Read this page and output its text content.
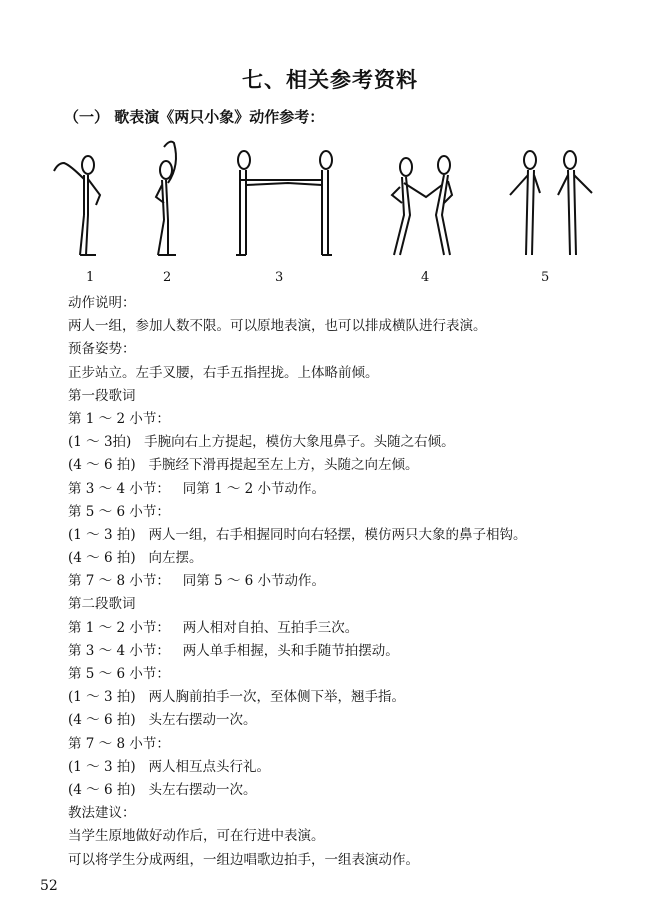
七、相关参考资料
（一） 歌表演《两只小象》动作参考：
1	2	3	4	5
动作说明：
两人一组，参加人数不限。可以原地表演，也可以排成横队进行表演。
预备姿势：
正步站立。左手叉腰，右手五指捏拢。上体略前倾。
第一段歌词
第 1 ～ 2 小节：
(1 ～ 3拍)   手腕向右上方提起，模仿大象甩鼻子。头随之右倾。
(4 ～ 6 拍)   手腕经下滑再提起至左上方，头随之向左倾。
第 3 ～ 4 小节：   同第 1 ～ 2 小节动作。
第 5 ～ 6 小节：
(1 ～ 3 拍)   两人一组，右手相握同时向右轻摆，模仿两只大象的鼻子相钩。
(4 ～ 6 拍)   向左摆。
第 7 ～ 8 小节：   同第 5 ～ 6 小节动作。
第二段歌词
第 1 ～ 2 小节：   两人相对自拍、互拍手三次。
第 3 ～ 4 小节：   两人单手相握，头和手随节拍摆动。
第 5 ～ 6 小节：
(1 ～ 3 拍)   两人胸前拍手一次，至体侧下举，翘手指。
(4 ～ 6 拍)   头左右摆动一次。
第 7 ～ 8 小节：
(1 ～ 3 拍)   两人相互点头行礼。
(4 ～ 6 拍)   头左右摆动一次。
教法建议：
当学生原地做好动作后，可在行进中表演。
可以将学生分成两组，一组边唱歌边拍手，一组表演动作。
52
